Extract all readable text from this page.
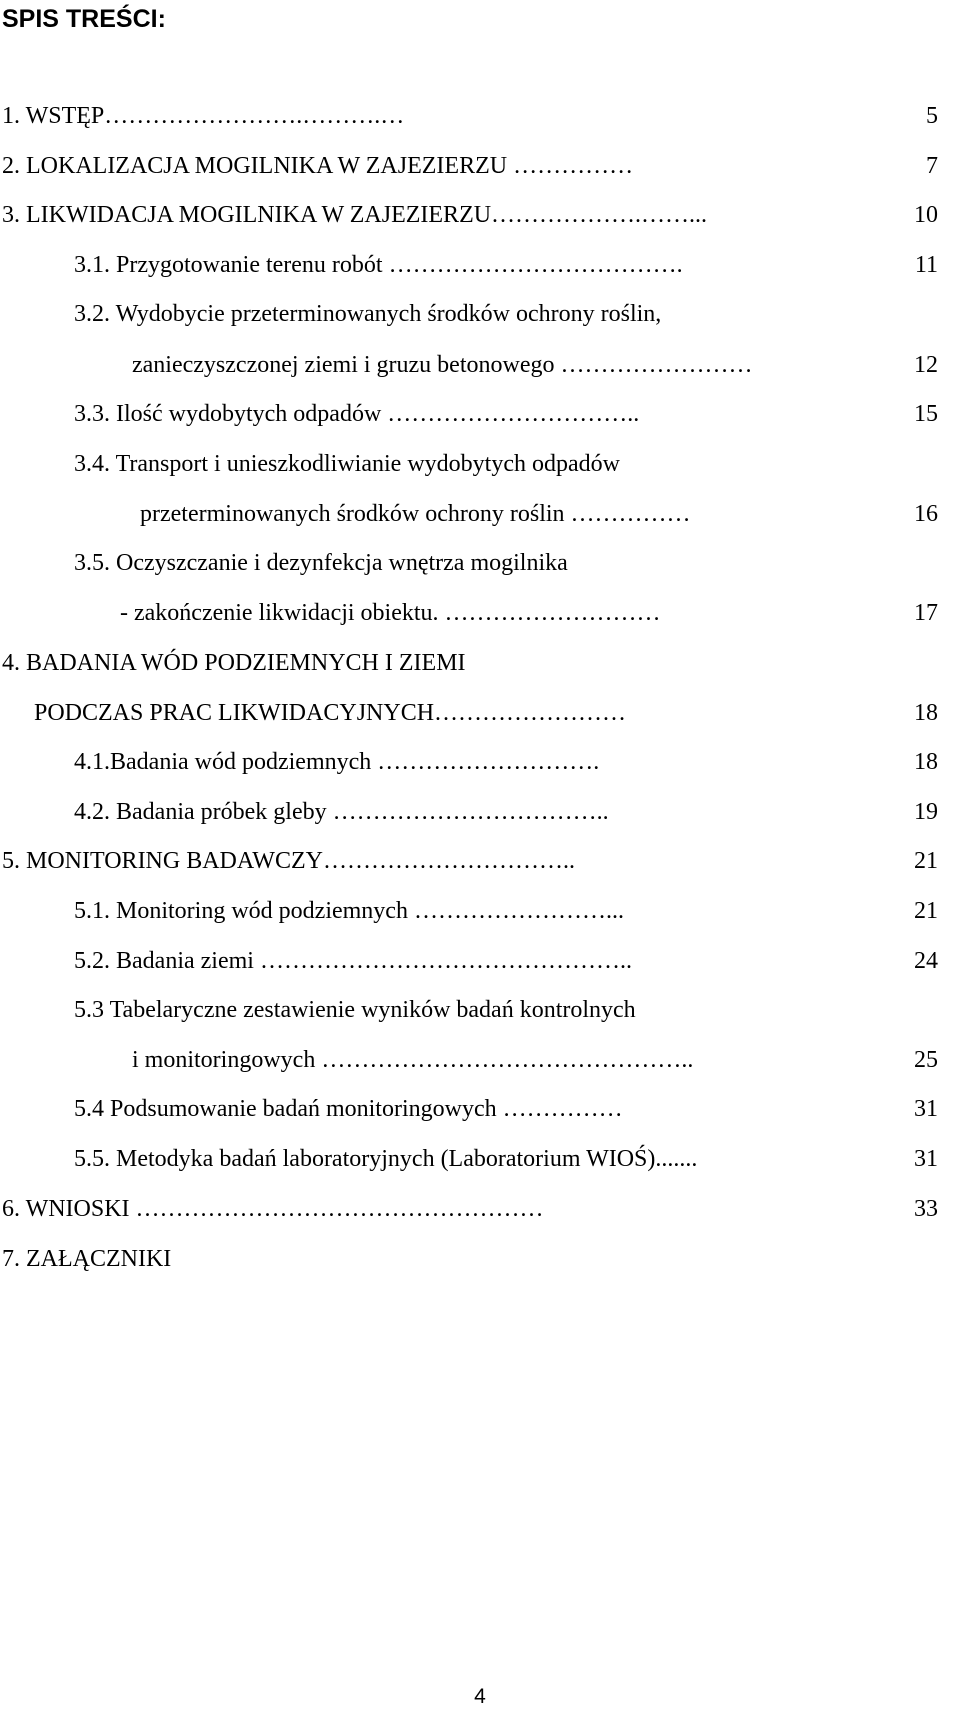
SPIS TREŚCI:
1. WSTĘP…………………….……….…	5
2. LOKALIZACJA MOGILNIKA W ZAJEZIERZU ……………	7
3. LIKWIDACJA MOGILNIKA W ZAJEZIERZU……………….……...	10
3.1. Przygotowanie terenu robót ……………………………….	11
3.2. Wydobycie przeterminowanych środków ochrony roślin,
zanieczyszczonej ziemi i gruzu betonowego ……………………	12
3.3. Ilość wydobytych odpadów …………………………..	15
3.4. Transport i unieszkodliwianie wydobytych odpadów
przeterminowanych środków ochrony roślin ……………	16
3.5. Oczyszczanie i dezynfekcja wnętrza mogilnika
- zakończenie likwidacji obiektu. ………………………	17
4. BADANIA WÓD PODZIEMNYCH I ZIEMI
PODCZAS PRAC LIKWIDACYJNYCH……………………	18
4.1.Badania wód podziemnych ……………………….	18
4.2. Badania próbek gleby ……………………………..	19
5. MONITORING BADAWCZY…………………………..	21
5.1. Monitoring wód podziemnych ……………………...	21
5.2. Badania ziemi ………………………………………..	24
5.3 Tabelaryczne zestawienie wyników badań kontrolnych
i monitoringowych ………………………………………..	25
5.4 Podsumowanie badań monitoringowych ……………	31
5.5. Metodyka badań laboratoryjnych (Laboratorium WIOŚ).......	31
6. WNIOSKI ……………………………………………	33
7. ZAŁĄCZNIKI
4
